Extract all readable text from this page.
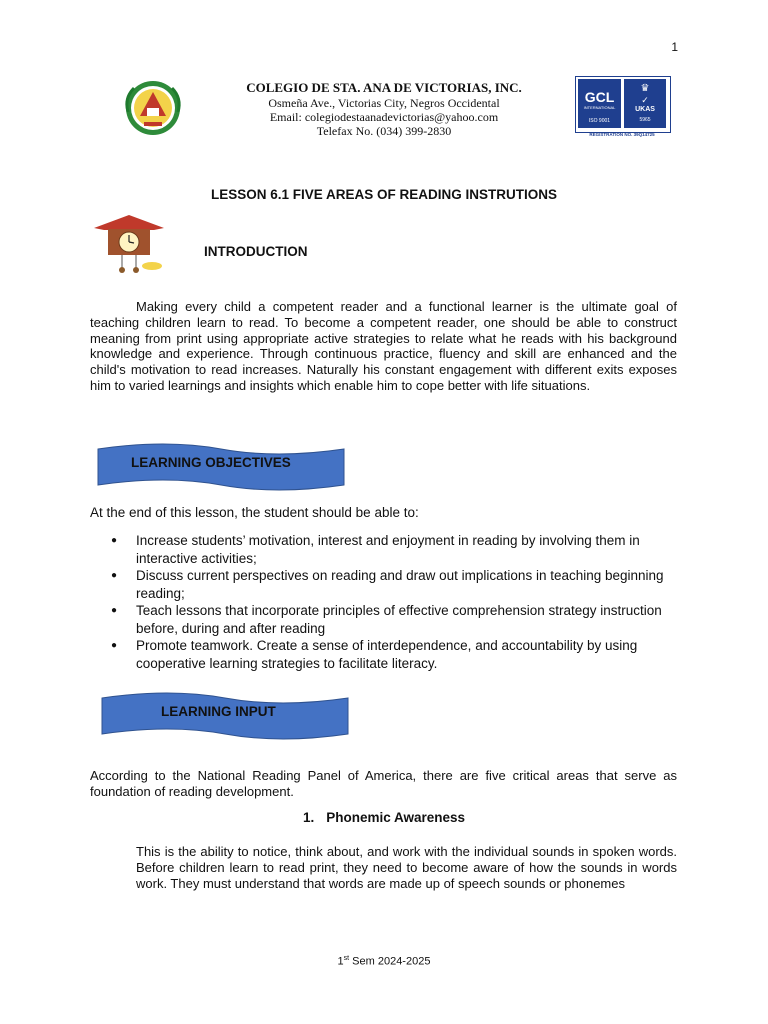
1
COLEGIO DE STA. ANA DE VICTORIAS, INC.
Osmeña Ave., Victorias City, Negros Occidental
Email: colegiodestaanadevictorias@yahoo.com
Telefax No. (034) 399-2830
GCL
INTERNATIONAL
ISO 9001
♛
✓
UKAS
5965
REGISTRATION NO. 39Q14725
LESSON 6.1 FIVE AREAS OF READING INSTRUTIONS
INTRODUCTION
Making every child a competent reader and a functional learner is the ultimate goal of teaching children learn to read. To become a competent reader, one should be able to construct meaning from print using appropriate active strategies to relate what he reads with his background knowledge and experience. Through continuous practice, fluency and skill are enhanced and the child's motivation to read increases. Naturally his constant engagement with different exits exposes him to varied learnings and insights which enable him to cope better with life situations.
LEARNING OBJECTIVES
At the end of this lesson, the student should be able to:
● Increase students’ motivation, interest and enjoyment in reading by involving them in interactive activities;
● Discuss current perspectives on reading and draw out implications in teaching beginning reading;
● Teach lessons that incorporate principles of effective comprehension strategy instruction before, during and after reading
● Promote teamwork. Create a sense of interdependence, and accountability by using cooperative learning strategies to facilitate literacy.
LEARNING INPUT
According to the National Reading Panel of America, there are five critical areas that serve as foundation of reading development.
1. Phonemic Awareness
This is the ability to notice, think about, and work with the individual sounds in spoken words. Before children learn to read print, they need to become aware of how the sounds in words work. They must understand that words are made up of speech sounds or phonemes
1st Sem 2024-2025
